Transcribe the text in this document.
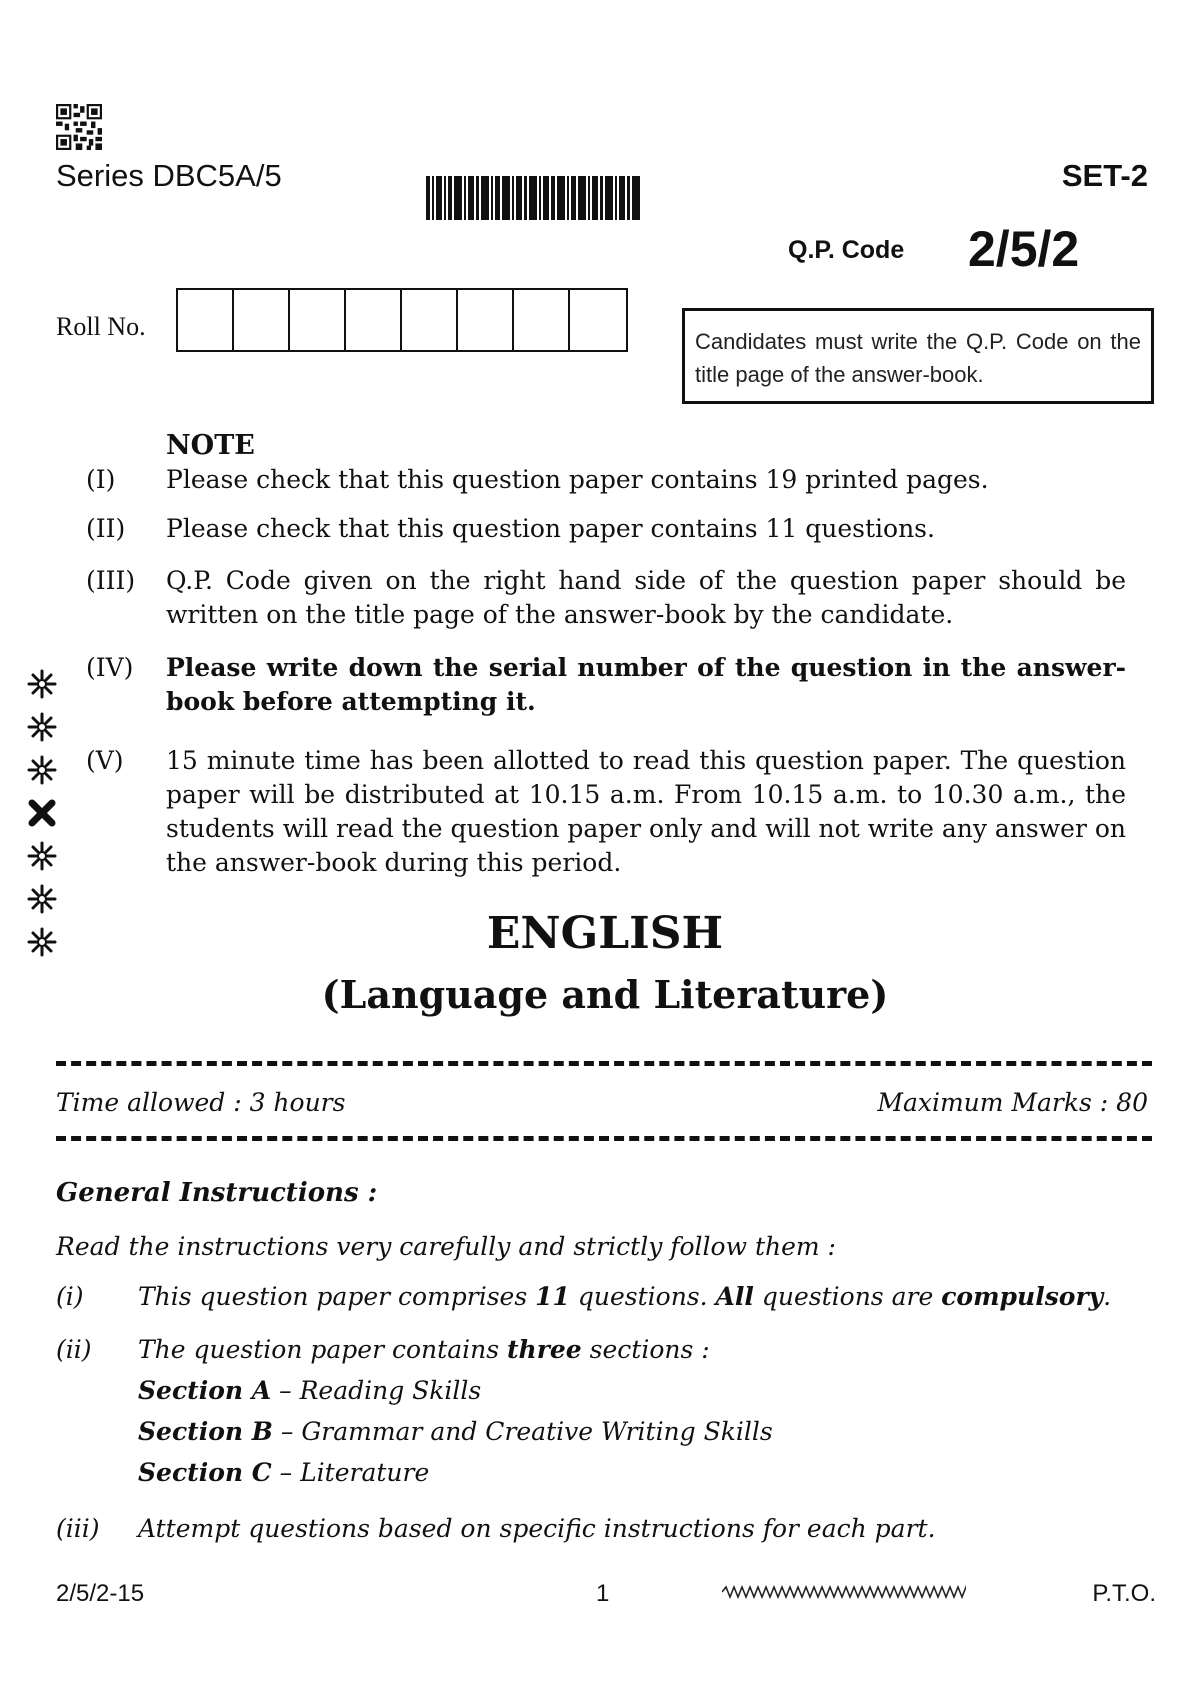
Series DBC5A/5	SET-2
Q.P. Code 2/5/2
Roll No.
Candidates must write the Q.P. Code on the title page of the answer-book.
NOTE
(I)	Please check that this question paper contains 19 printed pages.
(II)	Please check that this question paper contains 11 questions.
(III)	Q.P. Code given on the right hand side of the question paper should be written on the title page of the answer-book by the candidate.
(IV)	Please write down the serial number of the question in the answer-book before attempting it.
(V)	15 minute time has been allotted to read this question paper. The question paper will be distributed at 10.15 a.m. From 10.15 a.m. to 10.30 a.m., the students will read the question paper only and will not write any answer on the answer-book during this period.
ENGLISH
(Language and Literature)
Time allowed : 3 hours	Maximum Marks : 80
General Instructions :
Read the instructions very carefully and strictly follow them :
(i) This question paper comprises 11 questions. All questions are compulsory.
(ii) The question paper contains three sections :
Section A – Reading Skills
Section B – Grammar and Creative Writing Skills
Section C – Literature
(iii) Attempt questions based on specific instructions for each part.
2/5/2-15	1	P.T.O.
